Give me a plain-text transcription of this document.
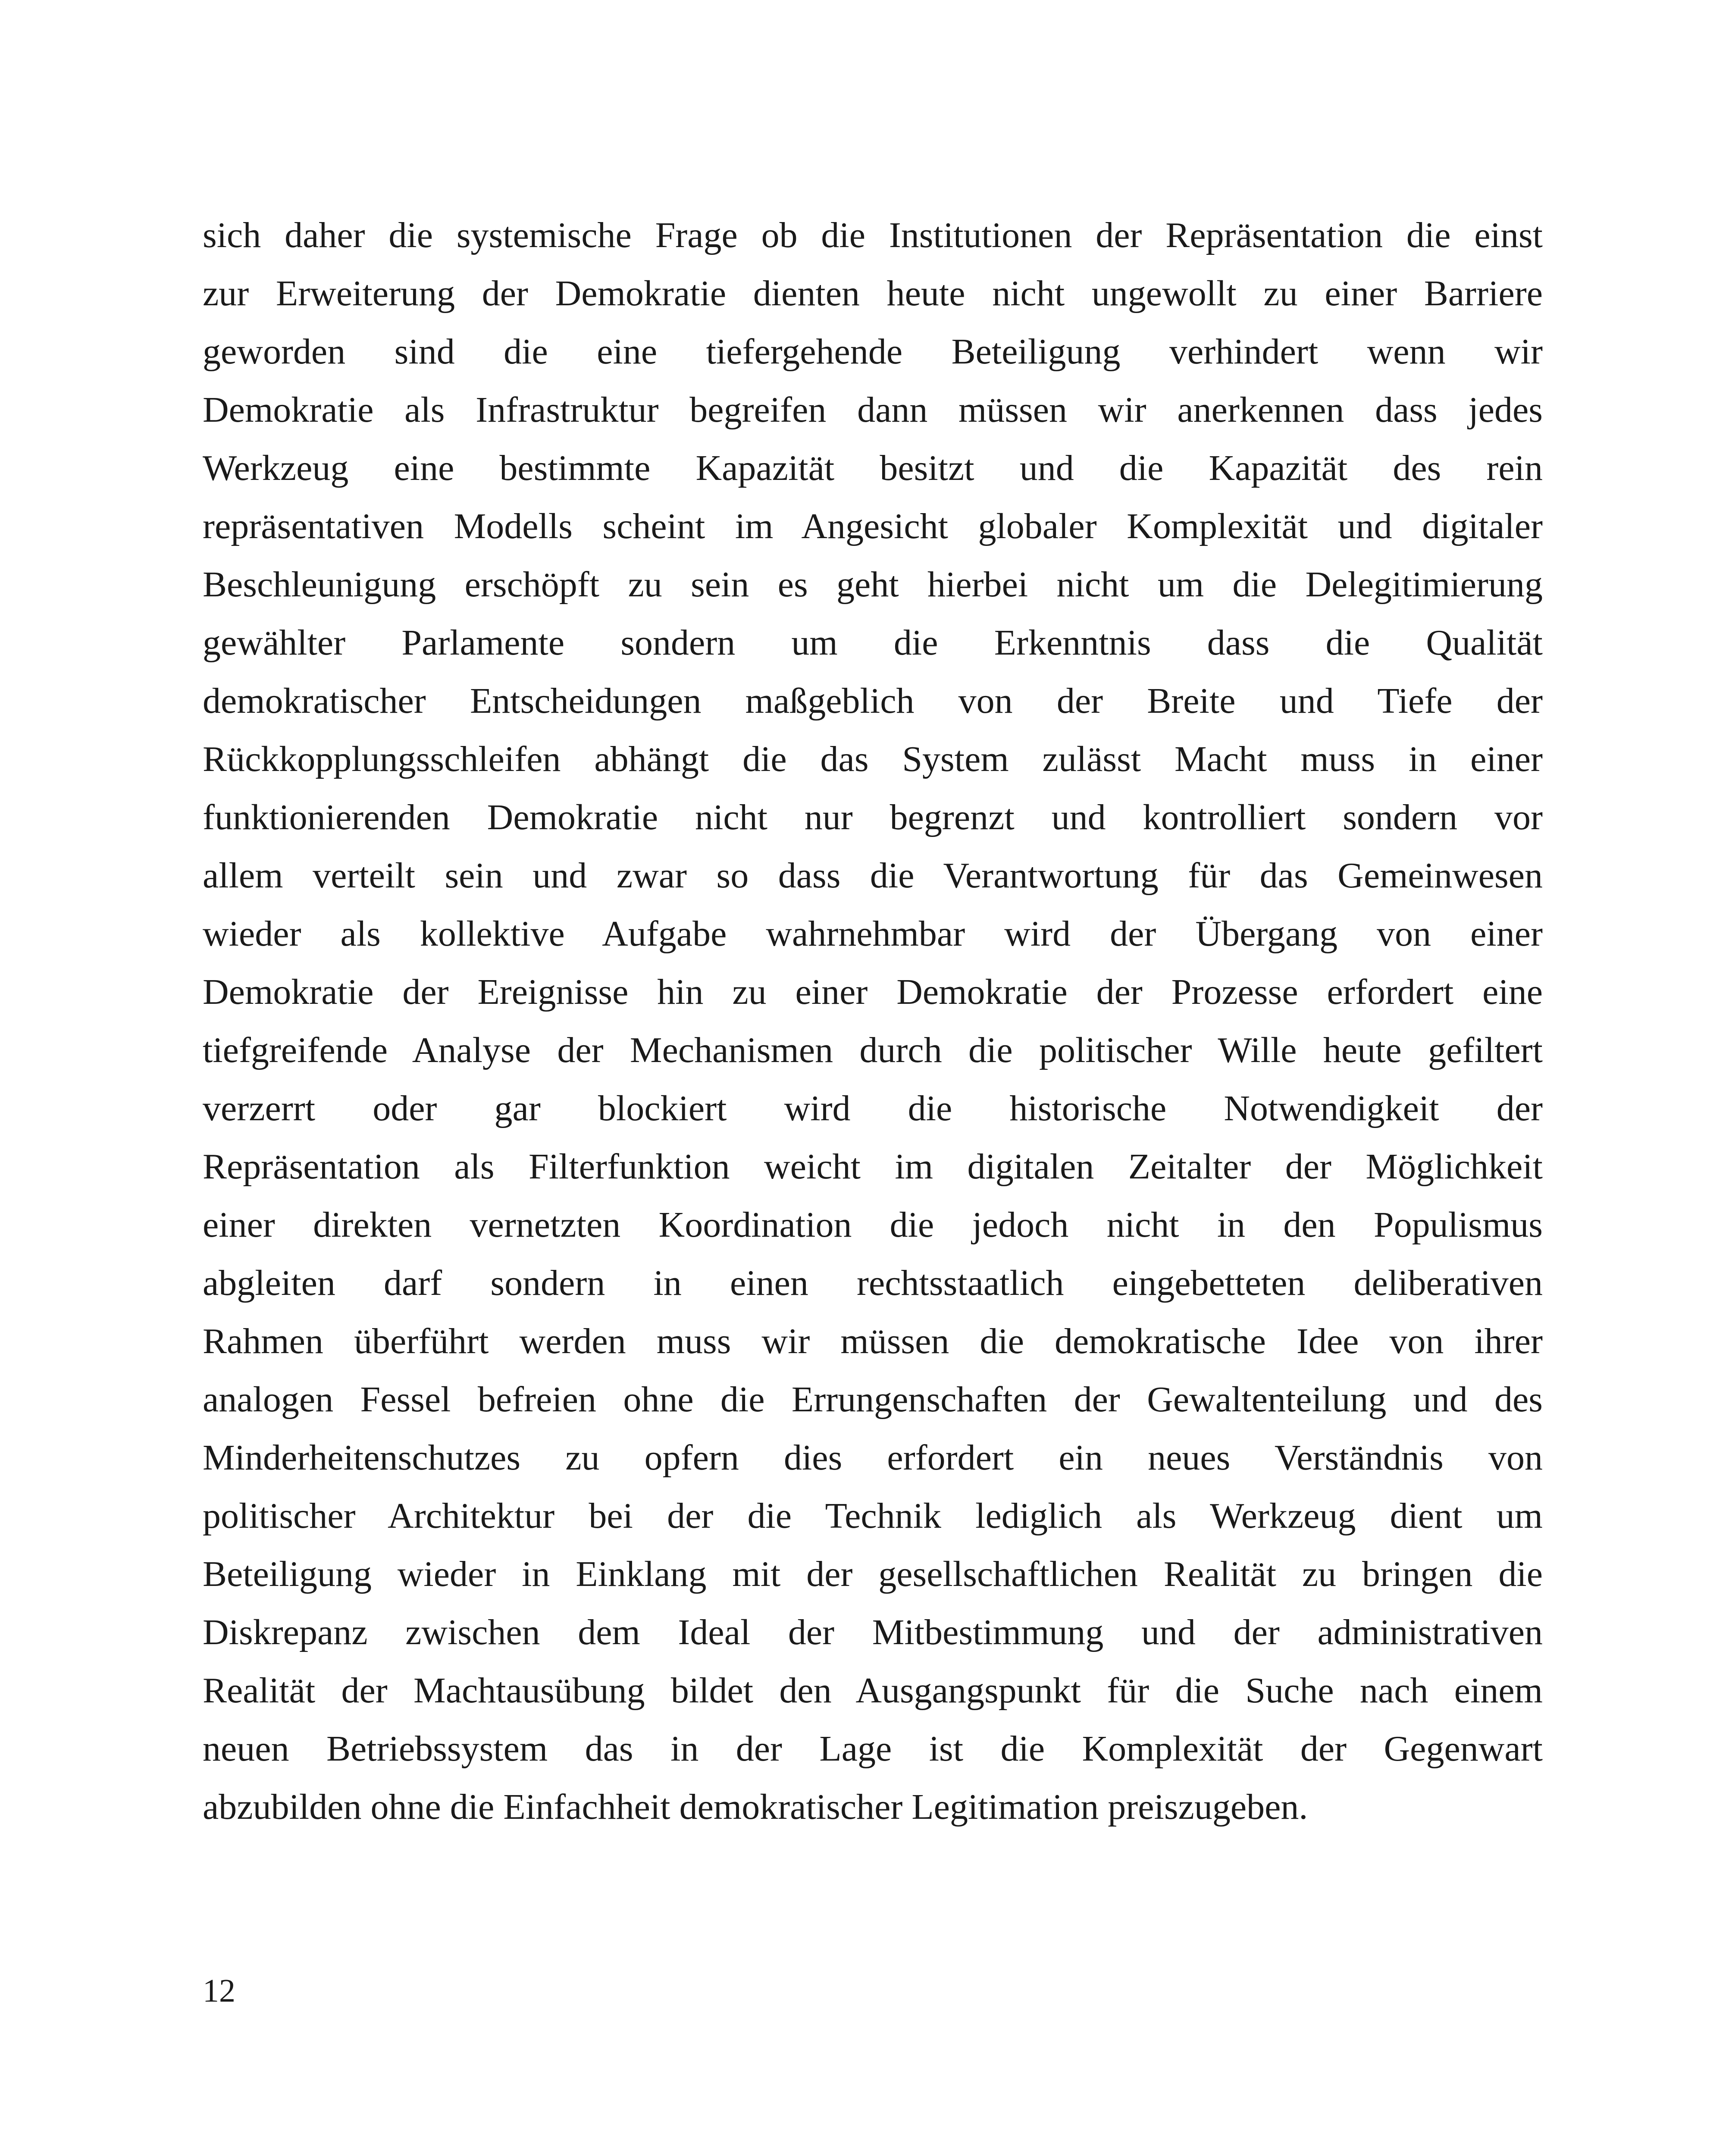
sich daher die systemische Frage ob die Institutionen der Repräsentation die einst
zur Erweiterung der Demokratie dienten heute nicht ungewollt zu einer Barriere
geworden sind die eine tiefergehende Beteiligung verhindert wenn wir
Demokratie als Infrastruktur begreifen dann müssen wir anerkennen dass jedes
Werkzeug eine bestimmte Kapazität besitzt und die Kapazität des rein
repräsentativen Modells scheint im Angesicht globaler Komplexität und digitaler
Beschleunigung erschöpft zu sein es geht hierbei nicht um die Delegitimierung
gewählter Parlamente sondern um die Erkenntnis dass die Qualität
demokratischer Entscheidungen maßgeblich von der Breite und Tiefe der
Rückkopplungsschleifen abhängt die das System zulässt Macht muss in einer
funktionierenden Demokratie nicht nur begrenzt und kontrolliert sondern vor
allem verteilt sein und zwar so dass die Verantwortung für das Gemeinwesen
wieder als kollektive Aufgabe wahrnehmbar wird der Übergang von einer
Demokratie der Ereignisse hin zu einer Demokratie der Prozesse erfordert eine
tiefgreifende Analyse der Mechanismen durch die politischer Wille heute gefiltert
verzerrt oder gar blockiert wird die historische Notwendigkeit der
Repräsentation als Filterfunktion weicht im digitalen Zeitalter der Möglichkeit
einer direkten vernetzten Koordination die jedoch nicht in den Populismus
abgleiten darf sondern in einen rechtsstaatlich eingebetteten deliberativen
Rahmen überführt werden muss wir müssen die demokratische Idee von ihrer
analogen Fessel befreien ohne die Errungenschaften der Gewaltenteilung und des
Minderheitenschutzes zu opfern dies erfordert ein neues Verständnis von
politischer Architektur bei der die Technik lediglich als Werkzeug dient um
Beteiligung wieder in Einklang mit der gesellschaftlichen Realität zu bringen die
Diskrepanz zwischen dem Ideal der Mitbestimmung und der administrativen
Realität der Machtausübung bildet den Ausgangspunkt für die Suche nach einem
neuen Betriebssystem das in der Lage ist die Komplexität der Gegenwart
abzubilden ohne die Einfachheit demokratischer Legitimation preiszugeben.
12
